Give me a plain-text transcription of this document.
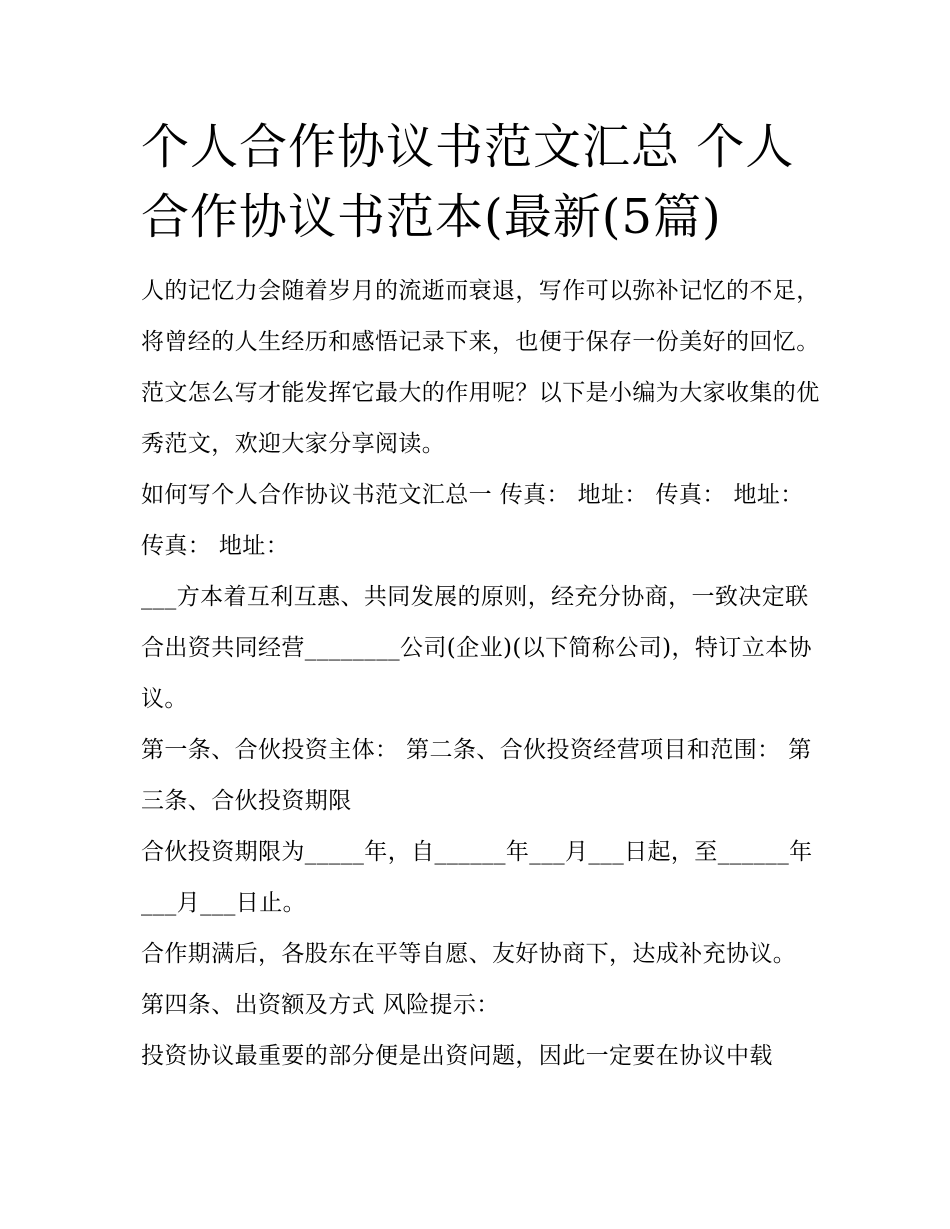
个人合作协议书范文汇总 个人合作协议书范本(最新(5篇)

人的记忆力会随着岁月的流逝而衰退，写作可以弥补记忆的不足，将曾经的人生经历和感悟记录下来，也便于保存一份美好的回忆。范文怎么写才能发挥它最大的作用呢？以下是小编为大家收集的优秀范文，欢迎大家分享阅读。

如何写个人合作协议书范文汇总一 传真： 地址： 传真： 地址： 传真： 地址：

___方本着互利互惠、共同发展的原则，经充分协商，一致决定联合出资共同经营________公司(企业)(以下简称公司)，特订立本协议。

第一条、合伙投资主体： 第二条、合伙投资经营项目和范围： 第三条、合伙投资期限

合伙投资期限为_____年，自______年___月___日起，至______年___月___日止。

合作期满后，各股东在平等自愿、友好协商下，达成补充协议。 第四条、出资额及方式 风险提示：

投资协议最重要的部分便是出资问题，因此一定要在协议中载
